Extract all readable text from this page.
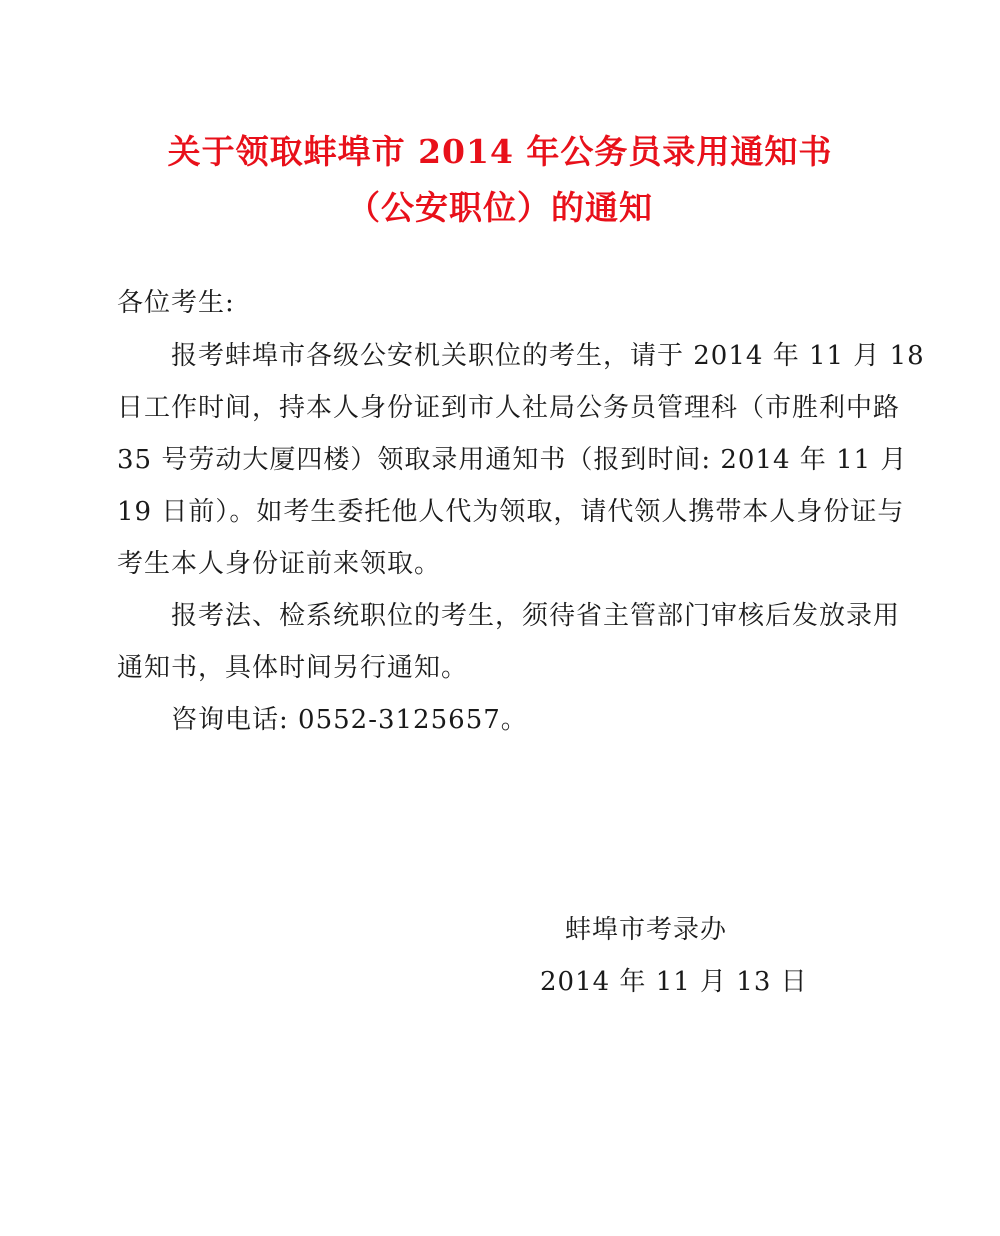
关于领取蚌埠市 2014 年公务员录用通知书
（公安职位）的通知
各位考生:
报考蚌埠市各级公安机关职位的考生，请于 2014 年 11 月 18
日工作时间，持本人身份证到市人社局公务员管理科（市胜利中路
35 号劳动大厦四楼）领取录用通知书（报到时间: 2014 年 11 月
19 日前）。如考生委托他人代为领取，请代领人携带本人身份证与
考生本人身份证前来领取。
报考法、检系统职位的考生，须待省主管部门审核后发放录用
通知书，具体时间另行通知。
咨询电话: 0552-3125657。
蚌埠市考录办
2014 年 11 月 13 日
